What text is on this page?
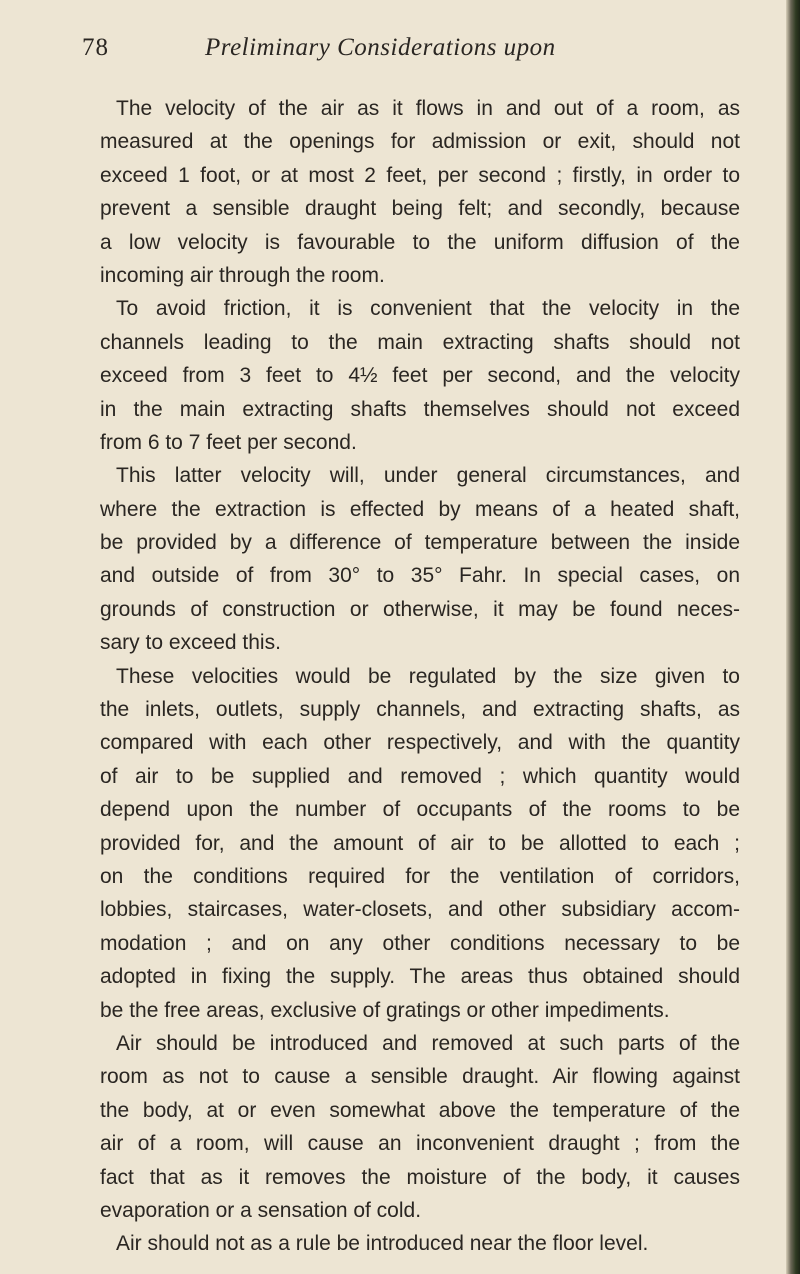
78	Preliminary Considerations upon
The velocity of the air as it flows in and out of a room, as
measured at the openings for admission or exit, should not
exceed 1 foot, or at most 2 feet, per second ; firstly, in order to
prevent a sensible draught being felt; and secondly, because
a low velocity is favourable to the uniform diffusion of the
incoming air through the room.
To avoid friction, it is convenient that the velocity in the
channels leading to the main extracting shafts should not
exceed from 3 feet to 4½ feet per second, and the velocity
in the main extracting shafts themselves should not exceed
from 6 to 7 feet per second.
This latter velocity will, under general circumstances, and
where the extraction is effected by means of a heated shaft,
be provided by a difference of temperature between the inside
and outside of from 30° to 35° Fahr. In special cases, on
grounds of construction or otherwise, it may be found neces-
sary to exceed this.
These velocities would be regulated by the size given to
the inlets, outlets, supply channels, and extracting shafts, as
compared with each other respectively, and with the quantity
of air to be supplied and removed ; which quantity would
depend upon the number of occupants of the rooms to be
provided for, and the amount of air to be allotted to each ;
on the conditions required for the ventilation of corridors,
lobbies, staircases, water-closets, and other subsidiary accom-
modation ; and on any other conditions necessary to be
adopted in fixing the supply. The areas thus obtained should
be the free areas, exclusive of gratings or other impediments.
Air should be introduced and removed at such parts of the
room as not to cause a sensible draught. Air flowing against
the body, at or even somewhat above the temperature of the
air of a room, will cause an inconvenient draught ; from the
fact that as it removes the moisture of the body, it causes
evaporation or a sensation of cold.
Air should not as a rule be introduced near the floor level.
